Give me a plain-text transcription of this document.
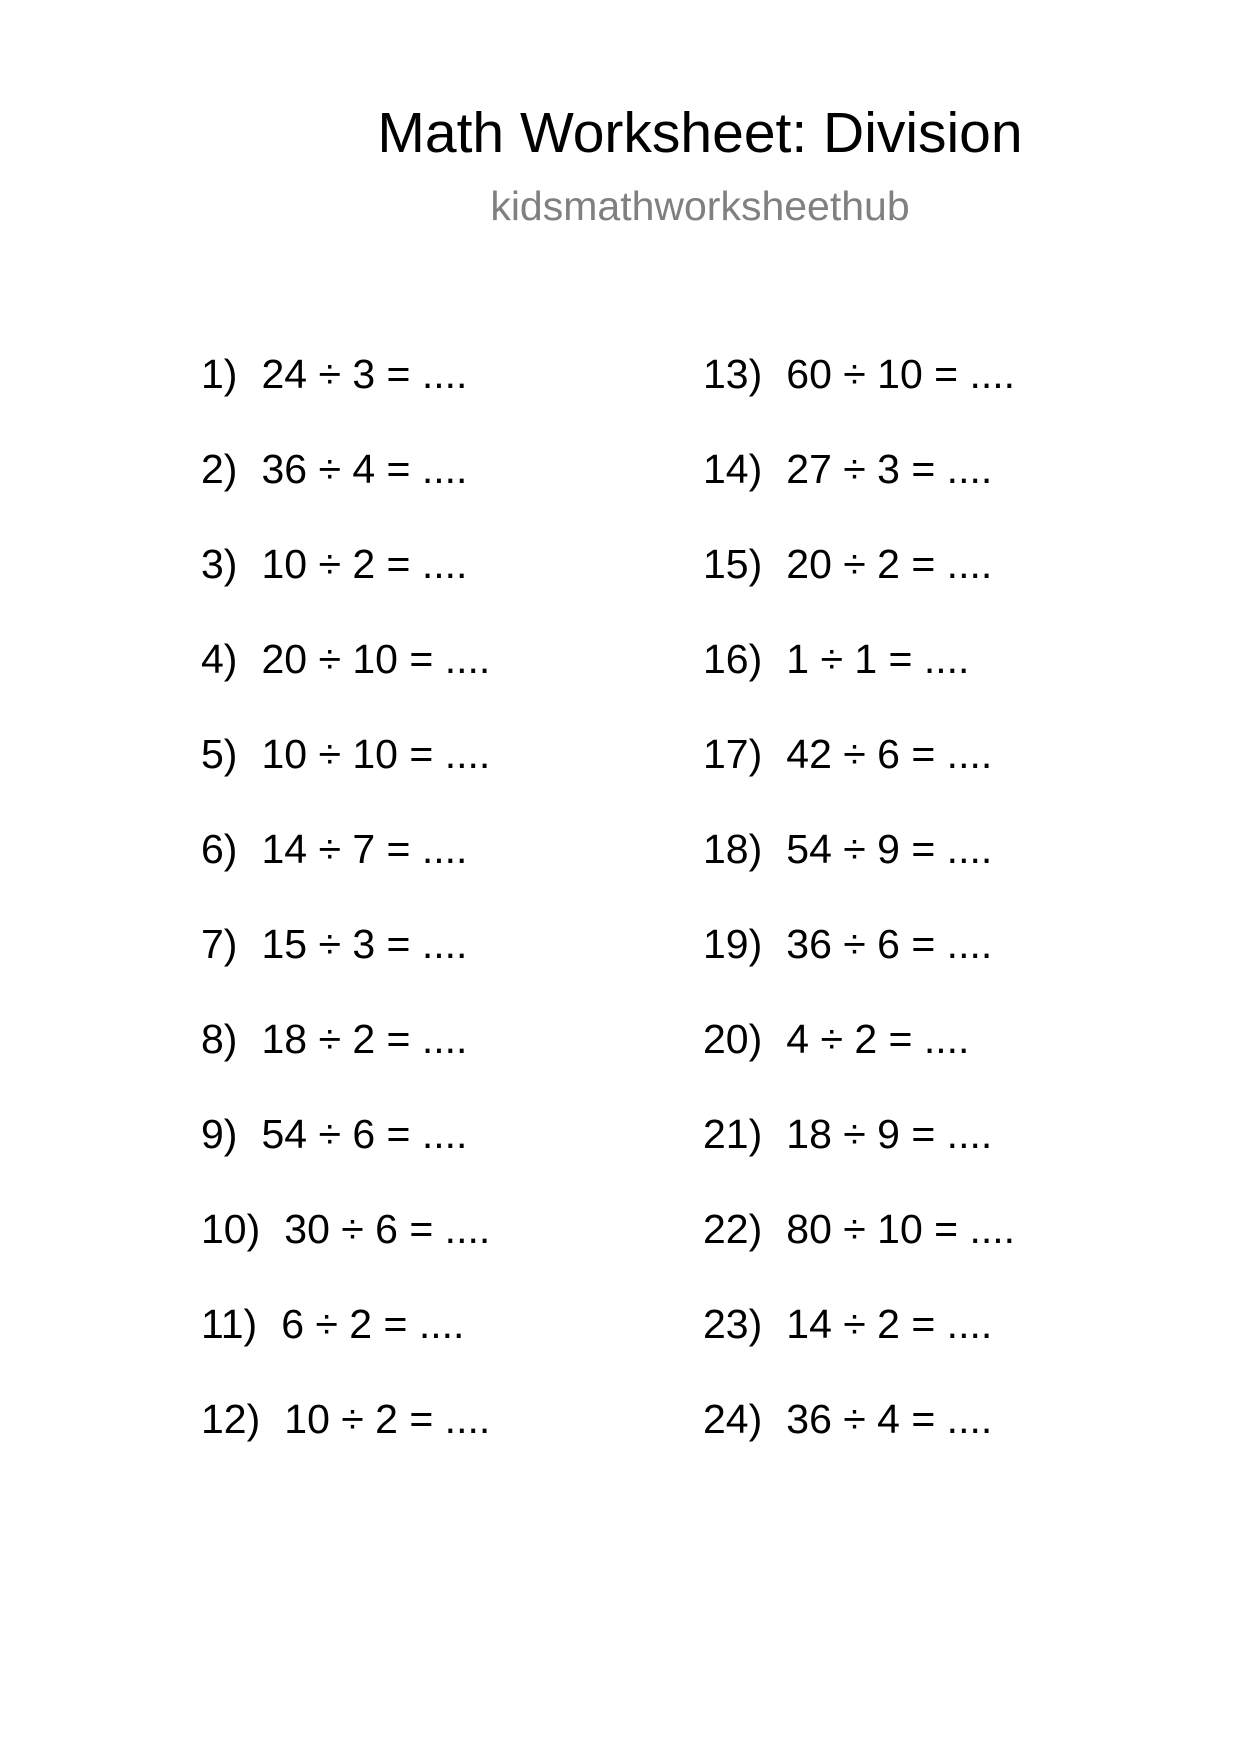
Math Worksheet: Division
kidsmathworksheethub
1) 24 ÷ 3 = ....
2) 36 ÷ 4 = ....
3) 10 ÷ 2 = ....
4) 20 ÷ 10 = ....
5) 10 ÷ 10 = ....
6) 14 ÷ 7 = ....
7) 15 ÷ 3 = ....
8) 18 ÷ 2 = ....
9) 54 ÷ 6 = ....
10) 30 ÷ 6 = ....
11) 6 ÷ 2 = ....
12) 10 ÷ 2 = ....
13) 60 ÷ 10 = ....
14) 27 ÷ 3 = ....
15) 20 ÷ 2 = ....
16) 1 ÷ 1 = ....
17) 42 ÷ 6 = ....
18) 54 ÷ 9 = ....
19) 36 ÷ 6 = ....
20) 4 ÷ 2 = ....
21) 18 ÷ 9 = ....
22) 80 ÷ 10 = ....
23) 14 ÷ 2 = ....
24) 36 ÷ 4 = ....
